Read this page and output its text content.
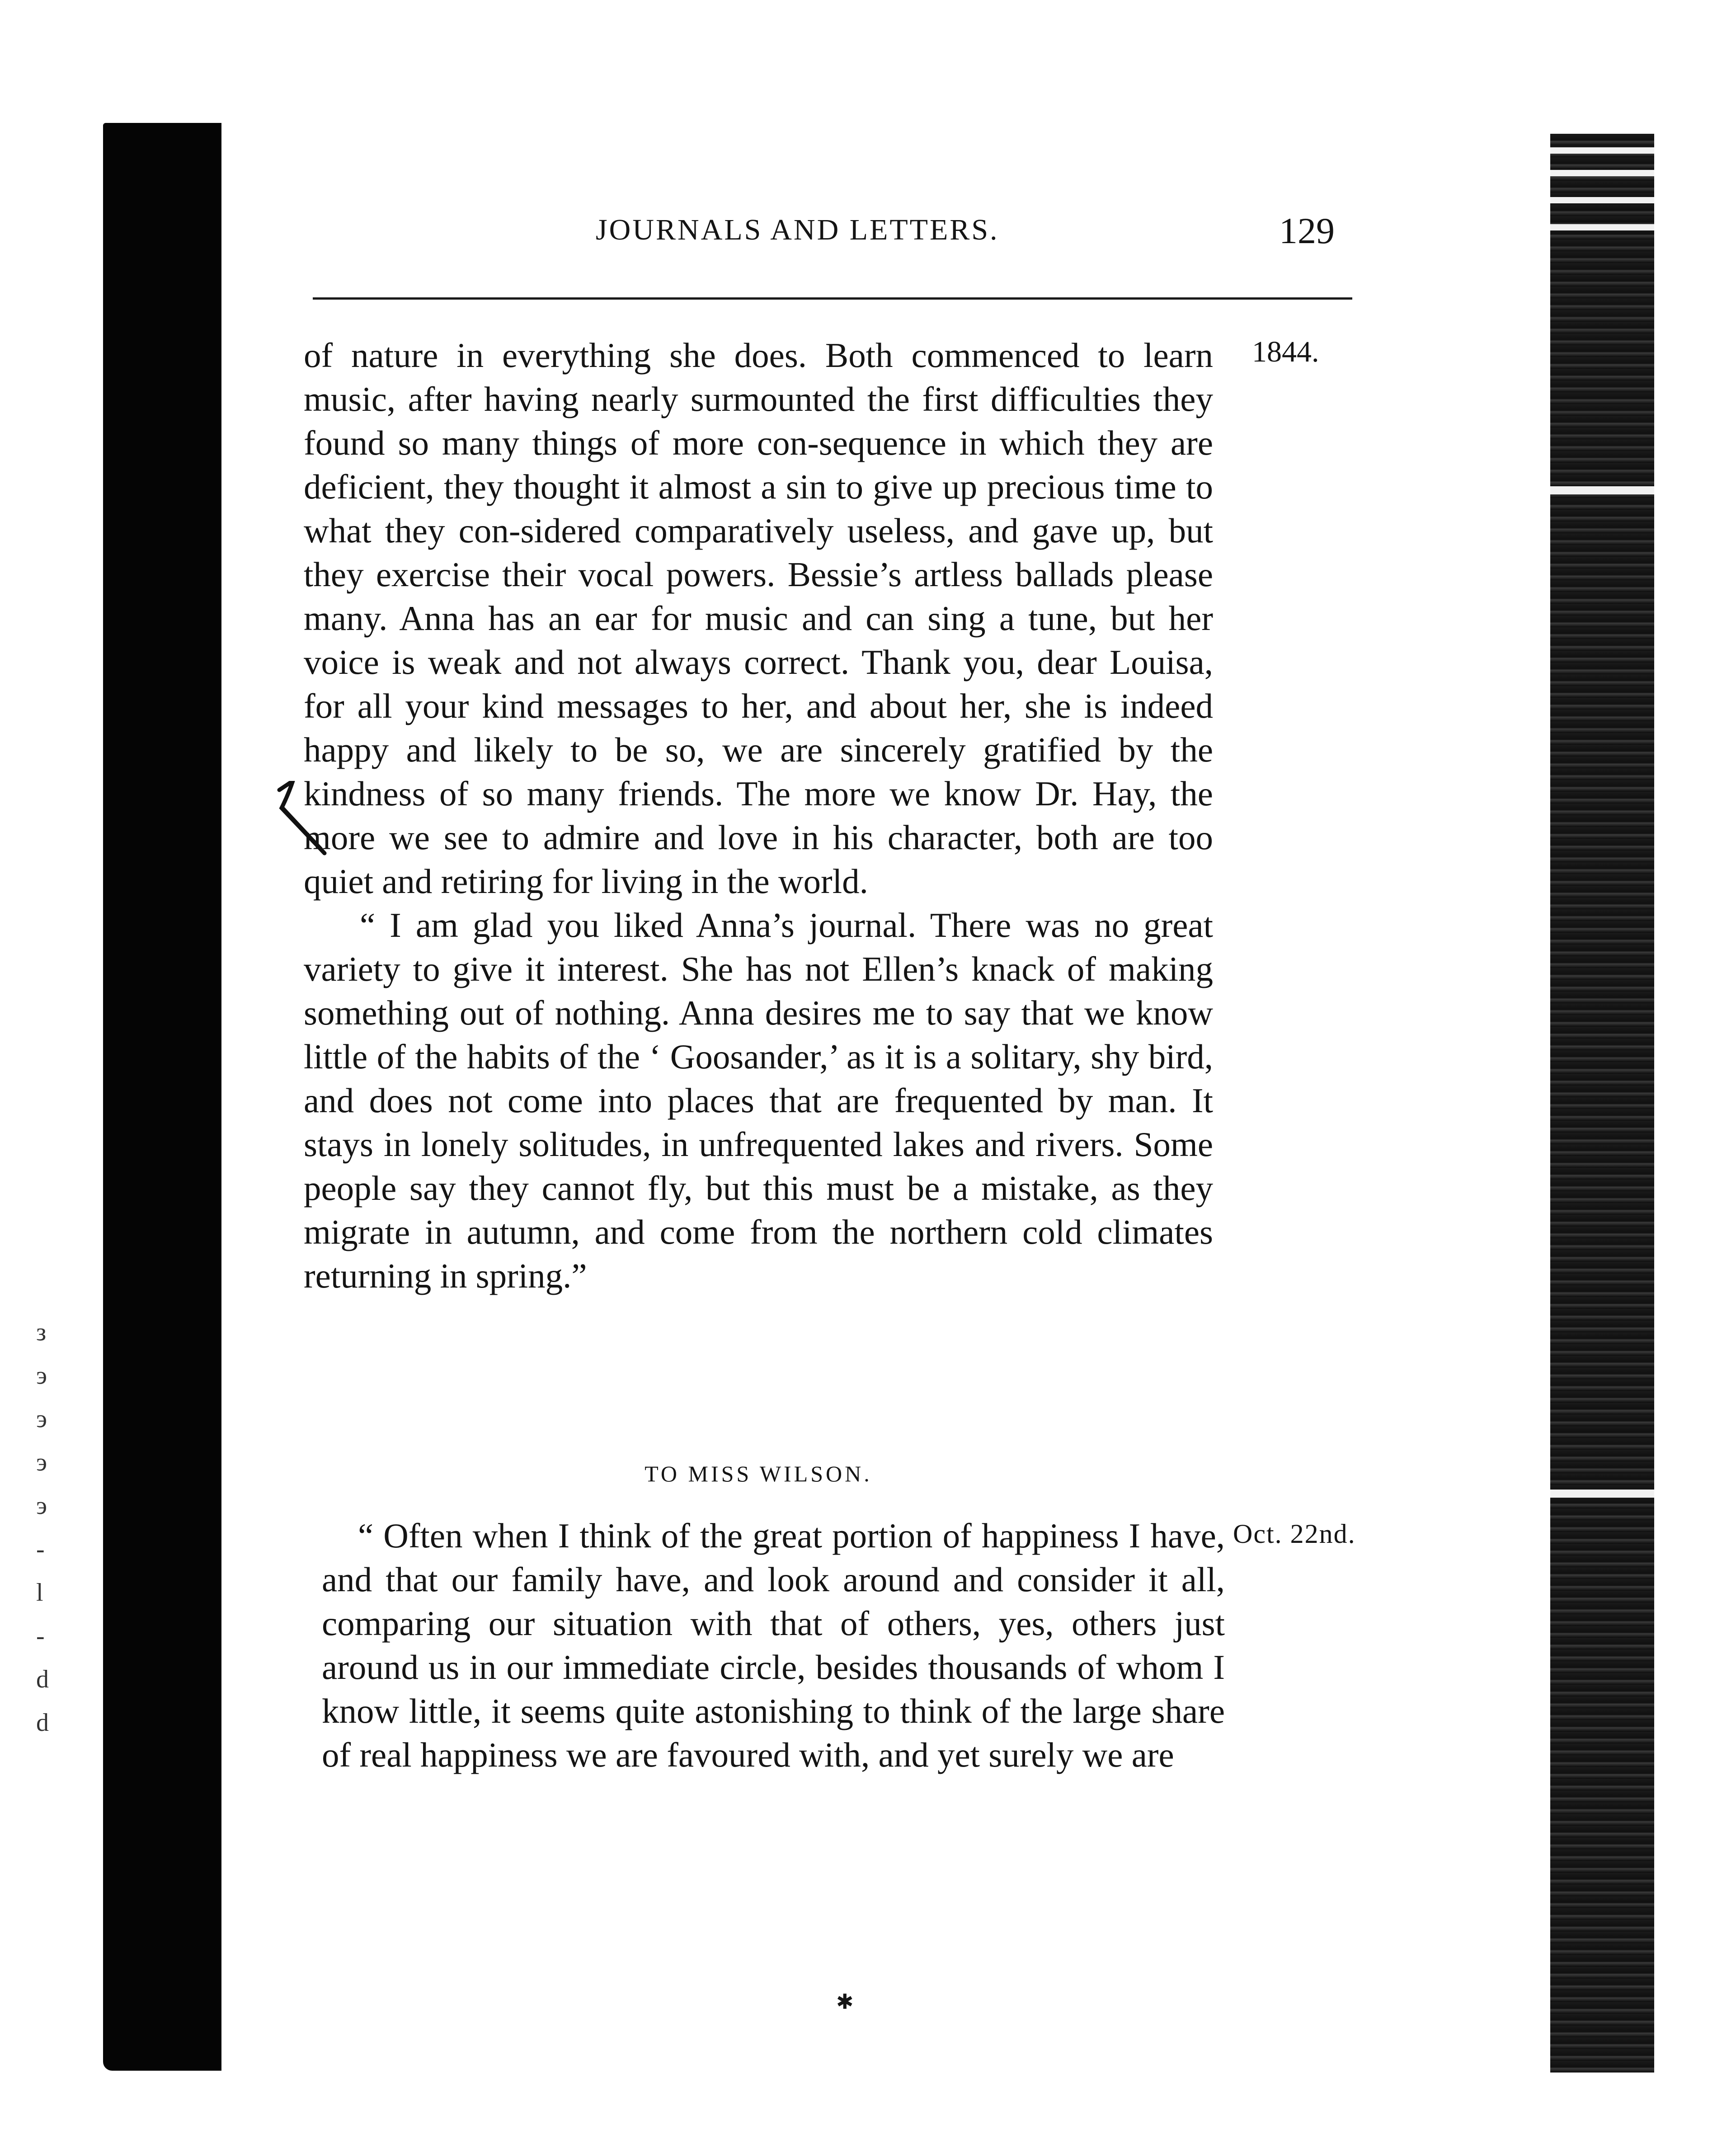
з
э
э
э
э
-
l
-
d
d
JOURNALS AND LETTERS.	129
1844.

of nature in everything she does. Both commenced to learn music, after having nearly surmounted the first difficulties they found so many things of more con-sequence in which they are deficient, they thought it almost a sin to give up precious time to what they con-sidered comparatively useless, and gave up, but they exercise their vocal powers. Bessie’s artless ballads please many. Anna has an ear for music and can sing a tune, but her voice is weak and not always correct. Thank you, dear Louisa, for all your kind messages to her, and about her, she is indeed happy and likely to be so, we are sincerely gratified by the kindness of so many friends. The more we know Dr. Hay, the more we see to admire and love in his character, both are too quiet and retiring for living in the world.

“ I am glad you liked Anna’s journal. There was no great variety to give it interest. She has not Ellen’s knack of making something out of nothing. Anna desires me to say that we know little of the habits of the ‘ Goosander,’ as it is a solitary, shy bird, and does not come into places that are frequented by man. It stays in lonely solitudes, in unfrequented lakes and rivers. Some people say they cannot fly, but this must be a mistake, as they migrate in autumn, and come from the northern cold climates returning in spring.”

TO MISS WILSON.
Oct. 22nd.

“ Often when I think of the great portion of happiness I have, and that our family have, and look around and consider it all, comparing our situation with that of others, yes, others just around us in our immediate circle, besides thousands of whom I know little, it seems quite astonishing to think of the large share of real happiness we are favoured with, and yet surely we are

✱
